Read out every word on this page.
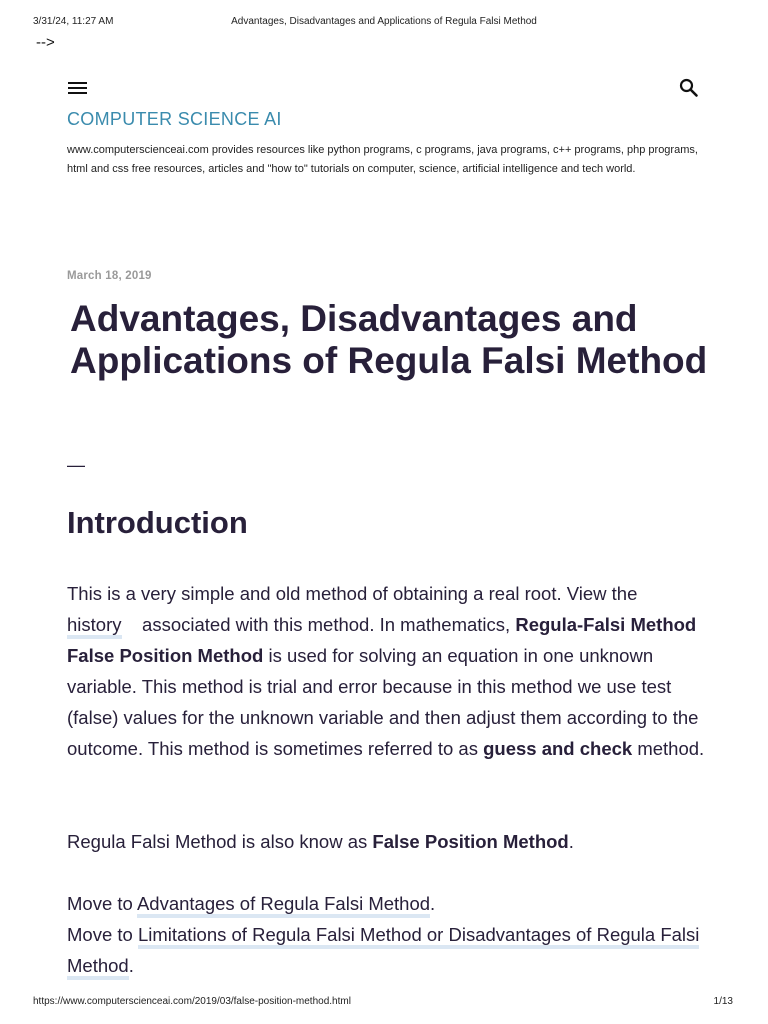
3/31/24, 11:27 AM	Advantages, Disadvantages and Applications of Regula Falsi Method
-->
COMPUTER SCIENCE AI
www.computerscienceai.com provides resources like python programs, c programs, java programs, c++ programs, php programs, html and css free resources, articles and "how to" tutorials on computer, science, artificial intelligence and tech world.
March 18, 2019
Advantages, Disadvantages and Applications of Regula Falsi Method
—
Introduction
This is a very simple and old method of obtaining a real root. View the history    associated with this method. In mathematics, Regula-Falsi Method False Position Method is used for solving an equation in one unknown variable. This method is trial and error because in this method we use test (false) values for the unknown variable and then adjust them according to the outcome. This method is sometimes referred to as guess and check method.
Regula Falsi Method is also know as False Position Method.
Move to Advantages of Regula Falsi Method.
Move to Limitations of Regula Falsi Method or Disadvantages of Regula Falsi Method.
https://www.computerscienceai.com/2019/03/false-position-method.html	1/13
